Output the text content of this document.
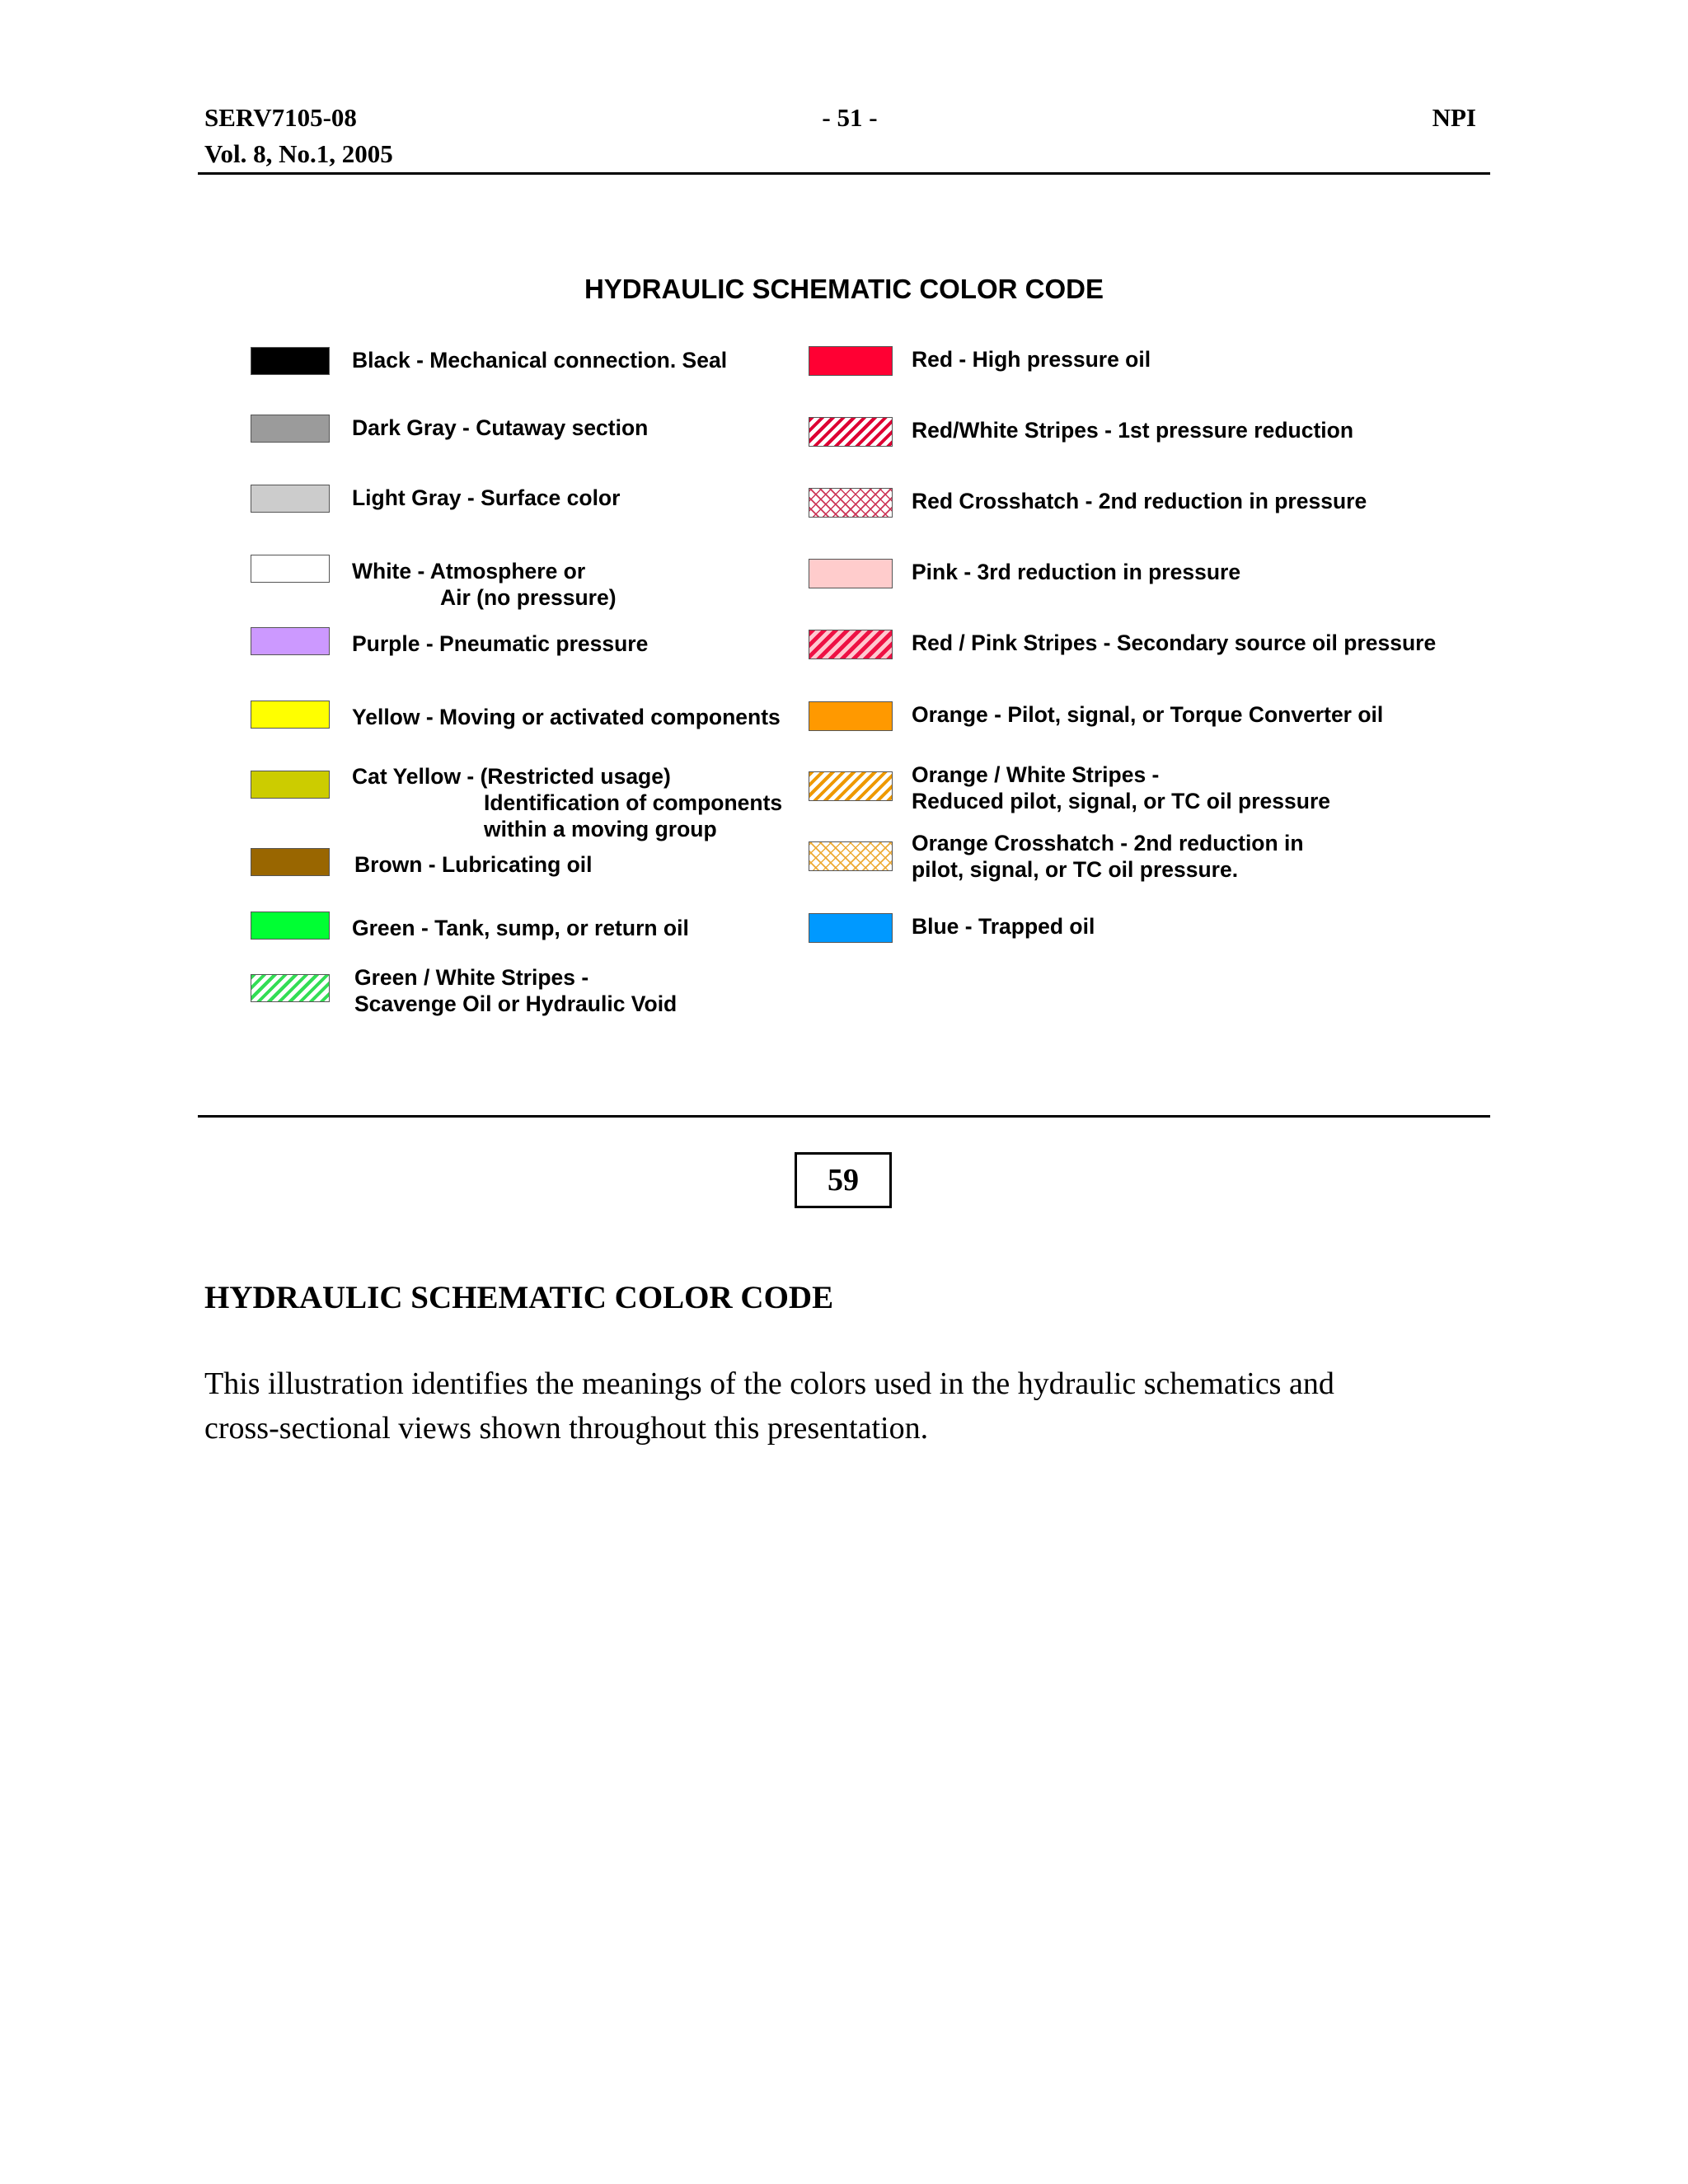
SERV7105-08
Vol. 8, No.1, 2005
- 51 -	NPI
HYDRAULIC SCHEMATIC COLOR CODE
Black - Mechanical connection. Seal
Dark Gray - Cutaway section
Light Gray - Surface color
White - Atmosphere or
Air (no pressure)
Purple - Pneumatic pressure
Yellow - Moving or activated components
Cat Yellow - (Restricted usage)
Identification of components
within a moving group
Brown - Lubricating oil
Green - Tank, sump, or return oil
Green / White Stripes -
Scavenge Oil or Hydraulic Void
Red - High pressure oil
Red/White Stripes - 1st pressure reduction
Red Crosshatch - 2nd reduction in pressure
Pink - 3rd reduction in pressure
Red / Pink Stripes - Secondary source oil pressure
Orange - Pilot, signal, or Torque Converter oil
Orange / White Stripes -
Reduced pilot, signal, or TC oil pressure
Orange Crosshatch - 2nd reduction in
pilot, signal, or TC oil pressure.
Blue - Trapped oil
59
HYDRAULIC SCHEMATIC COLOR CODE
This illustration identifies the meanings of the colors used in the hydraulic schematics and
cross-sectional views shown throughout this presentation.
